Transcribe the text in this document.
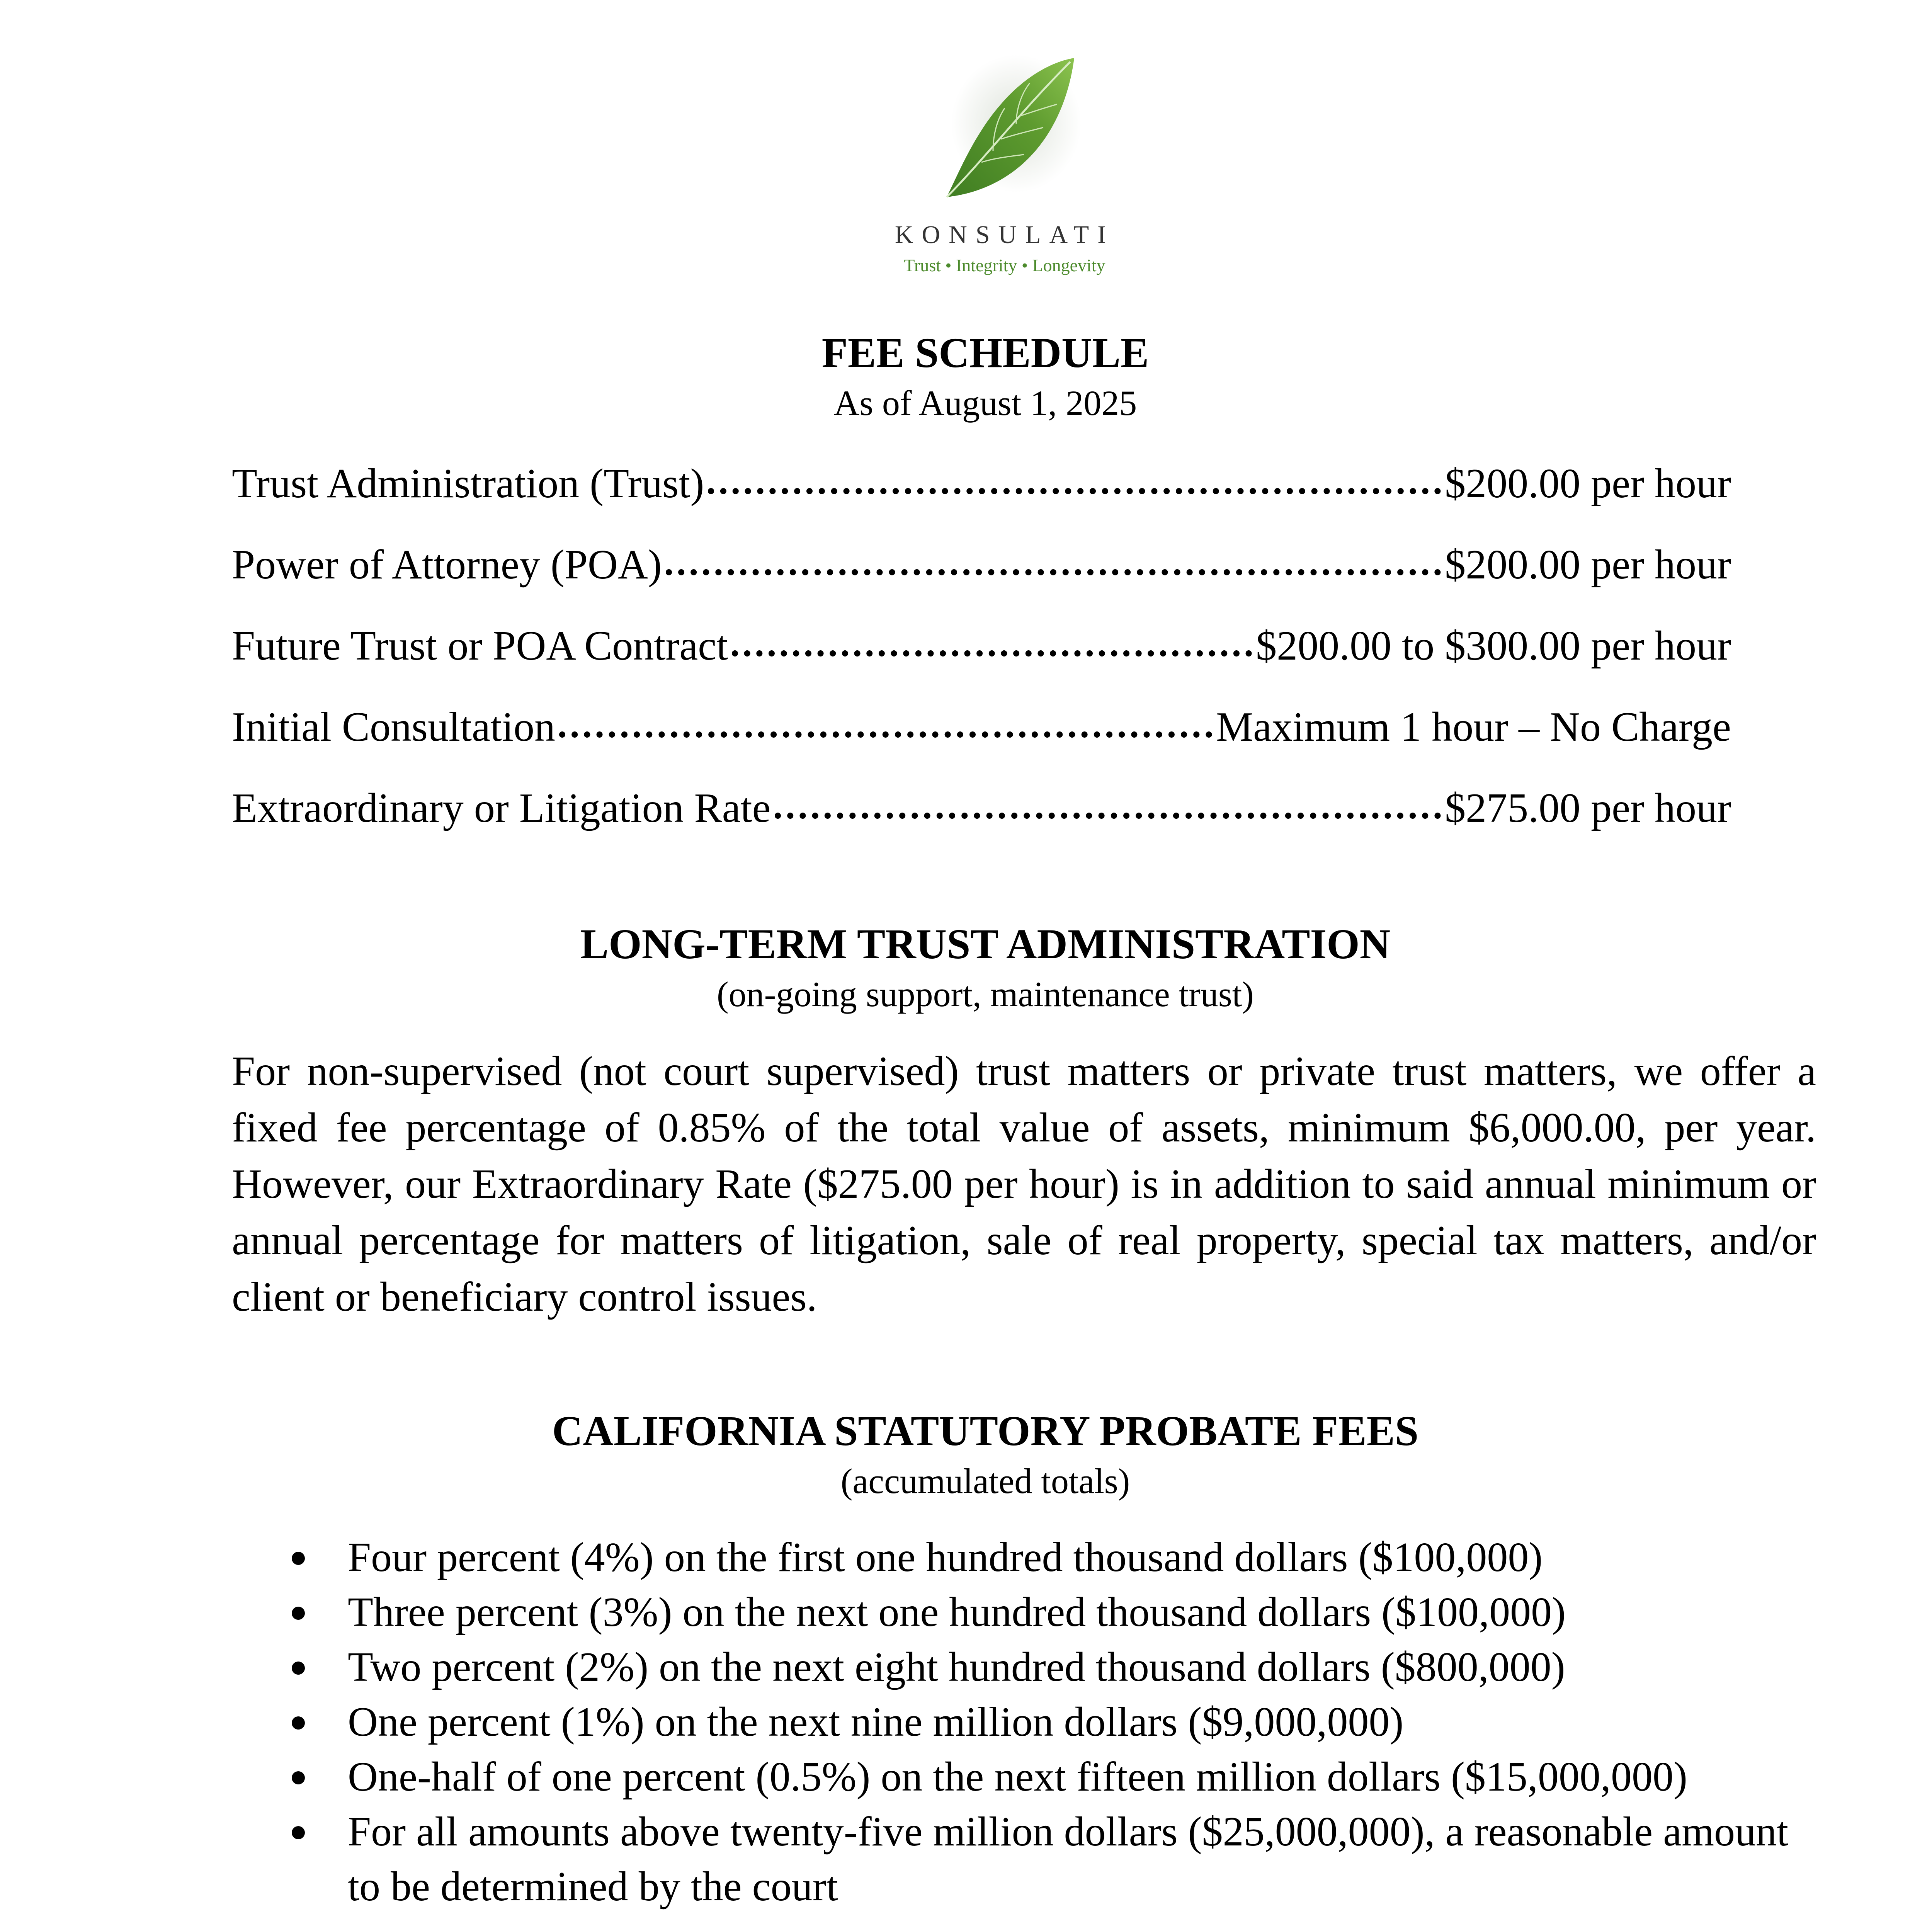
KONSULATI
Trust • Integrity • Longevity
FEE SCHEDULE
As of August 1, 2025
Trust Administration (Trust)	$200.00 per hour
Power of Attorney (POA)	$200.00 per hour
Future Trust or POA Contract	$200.00 to $300.00 per hour
Initial Consultation	Maximum 1 hour – No Charge
Extraordinary or Litigation Rate	$275.00 per hour
LONG-TERM TRUST ADMINISTRATION
(on-going support, maintenance trust)
For non-supervised (not court supervised) trust matters or private trust matters, we offer a fixed fee percentage of 0.85% of the total value of assets, minimum $6,000.00, per year. However, our Extraordinary Rate ($275.00 per hour) is in addition to said annual minimum or annual percentage for matters of litigation, sale of real property, special tax matters, and/or client or beneficiary control issues.
CALIFORNIA STATUTORY PROBATE FEES
(accumulated totals)
Four percent (4%) on the first one hundred thousand dollars ($100,000)
Three percent (3%) on the next one hundred thousand dollars ($100,000)
Two percent (2%) on the next eight hundred thousand dollars ($800,000)
One percent (1%) on the next nine million dollars ($9,000,000)
One-half of one percent (0.5%) on the next fifteen million dollars ($15,000,000)
For all amounts above twenty-five million dollars ($25,000,000), a reasonable amount to be determined by the court
